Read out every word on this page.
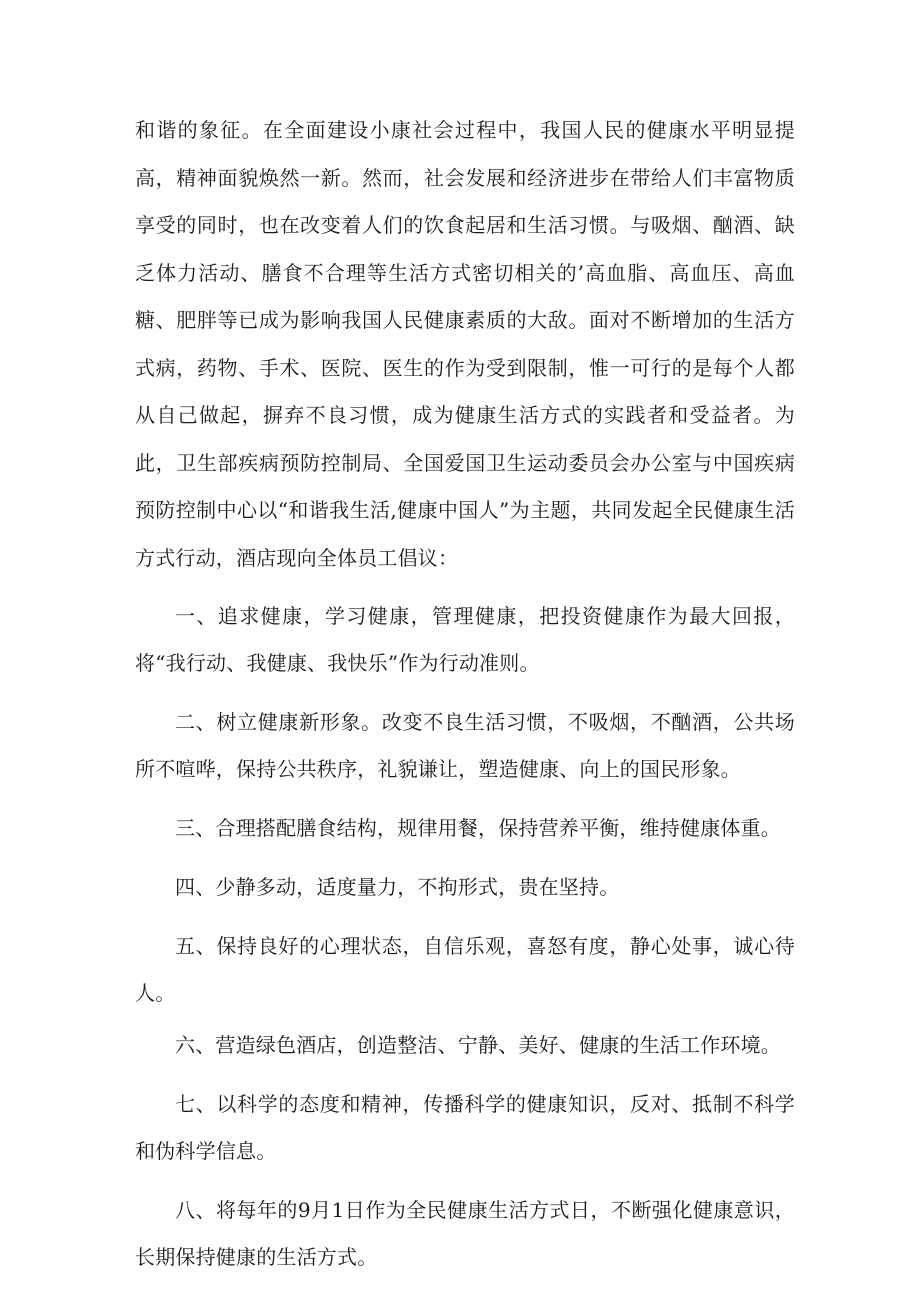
和谐的象征。在全面建设小康社会过程中，我国人民的健康水平明显提高，精神面貌焕然一新。然而，社会发展和经济进步在带给人们丰富物质享受的同时，也在改变着人们的饮食起居和生活习惯。与吸烟、酗酒、缺乏体力活动、膳食不合理等生活方式密切相关的’高血脂、高血压、高血糖、肥胖等已成为影响我国人民健康素质的大敌。面对不断增加的生活方式病，药物、手术、医院、医生的作为受到限制，惟一可行的是每个人都从自己做起，摒弃不良习惯，成为健康生活方式的实践者和受益者。为此，卫生部疾病预防控制局、全国爱国卫生运动委员会办公室与中国疾病预防控制中心以“和谐我生活,健康中国人”为主题，共同发起全民健康生活方式行动，酒店现向全体员工倡议：

一、追求健康，学习健康，管理健康，把投资健康作为最大回报，将“我行动、我健康、我快乐”作为行动准则。

二、树立健康新形象。改变不良生活习惯，不吸烟，不酗酒，公共场所不喧哗，保持公共秩序，礼貌谦让，塑造健康、向上的国民形象。

三、合理搭配膳食结构，规律用餐，保持营养平衡，维持健康体重。

四、少静多动，适度量力，不拘形式，贵在坚持。

五、保持良好的心理状态，自信乐观，喜怒有度，静心处事，诚心待人。

六、营造绿色酒店，创造整洁、宁静、美好、健康的生活工作环境。

七、以科学的态度和精神，传播科学的健康知识，反对、抵制不科学和伪科学信息。

八、将每年的9月1日作为全民健康生活方式日，不断强化健康意识，长期保持健康的生活方式。
